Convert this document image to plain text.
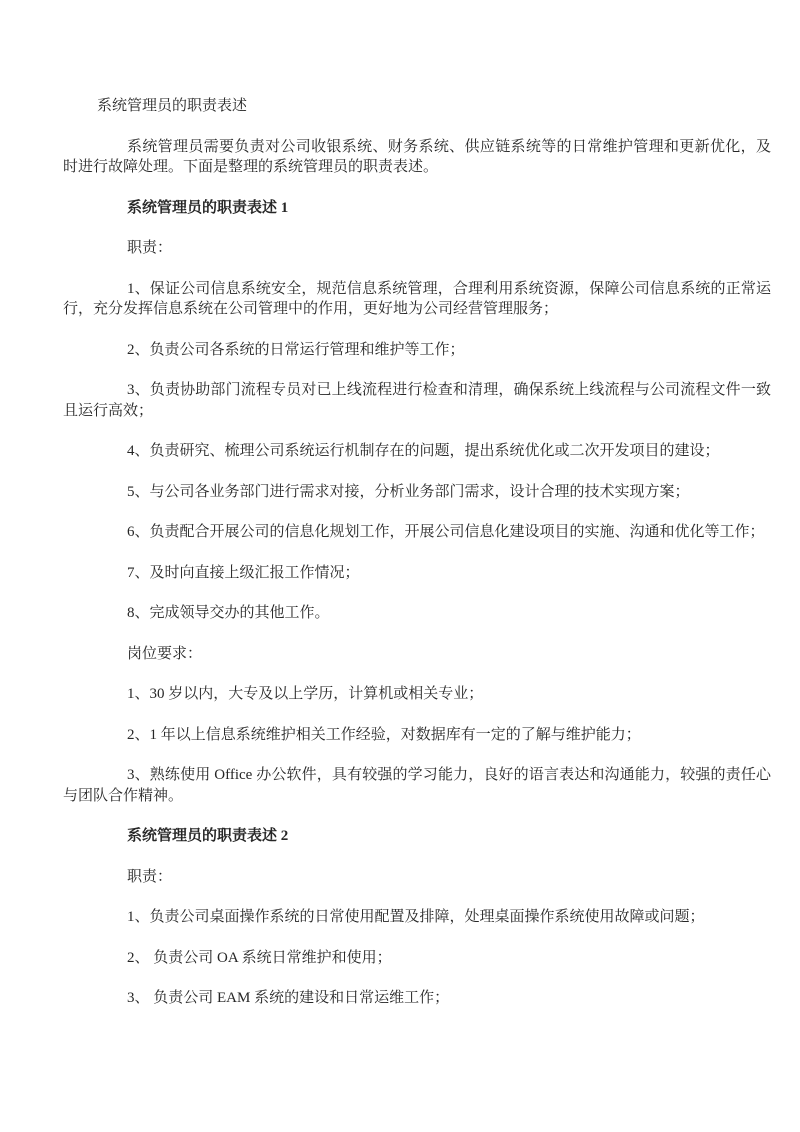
系统管理员的职责表述

系统管理员需要负责对公司收银系统、财务系统、供应链系统等的日常维护管理和更新优化，及时进行故障处理。下面是整理的系统管理员的职责表述。

系统管理员的职责表述 1

职责：

1、保证公司信息系统安全，规范信息系统管理，合理利用系统资源，保障公司信息系统的正常运行，充分发挥信息系统在公司管理中的作用，更好地为公司经营管理服务；

2、负责公司各系统的日常运行管理和维护等工作；

3、负责协助部门流程专员对已上线流程进行检查和清理，确保系统上线流程与公司流程文件一致且运行高效；

4、负责研究、梳理公司系统运行机制存在的问题，提出系统优化或二次开发项目的建设；

5、与公司各业务部门进行需求对接，分析业务部门需求，设计合理的技术实现方案；

6、负责配合开展公司的信息化规划工作，开展公司信息化建设项目的实施、沟通和优化等工作；

7、及时向直接上级汇报工作情况；

8、完成领导交办的其他工作。

岗位要求：

1、30 岁以内，大专及以上学历，计算机或相关专业；

2、1 年以上信息系统维护相关工作经验，对数据库有一定的了解与维护能力；

3、熟练使用 Office 办公软件，具有较强的学习能力，良好的语言表达和沟通能力，较强的责任心与团队合作精神。

系统管理员的职责表述 2

职责：

1、负责公司桌面操作系统的日常使用配置及排障，处理桌面操作系统使用故障或问题；

2、 负责公司 OA 系统日常维护和使用；

3、 负责公司 EAM 系统的建设和日常运维工作；
